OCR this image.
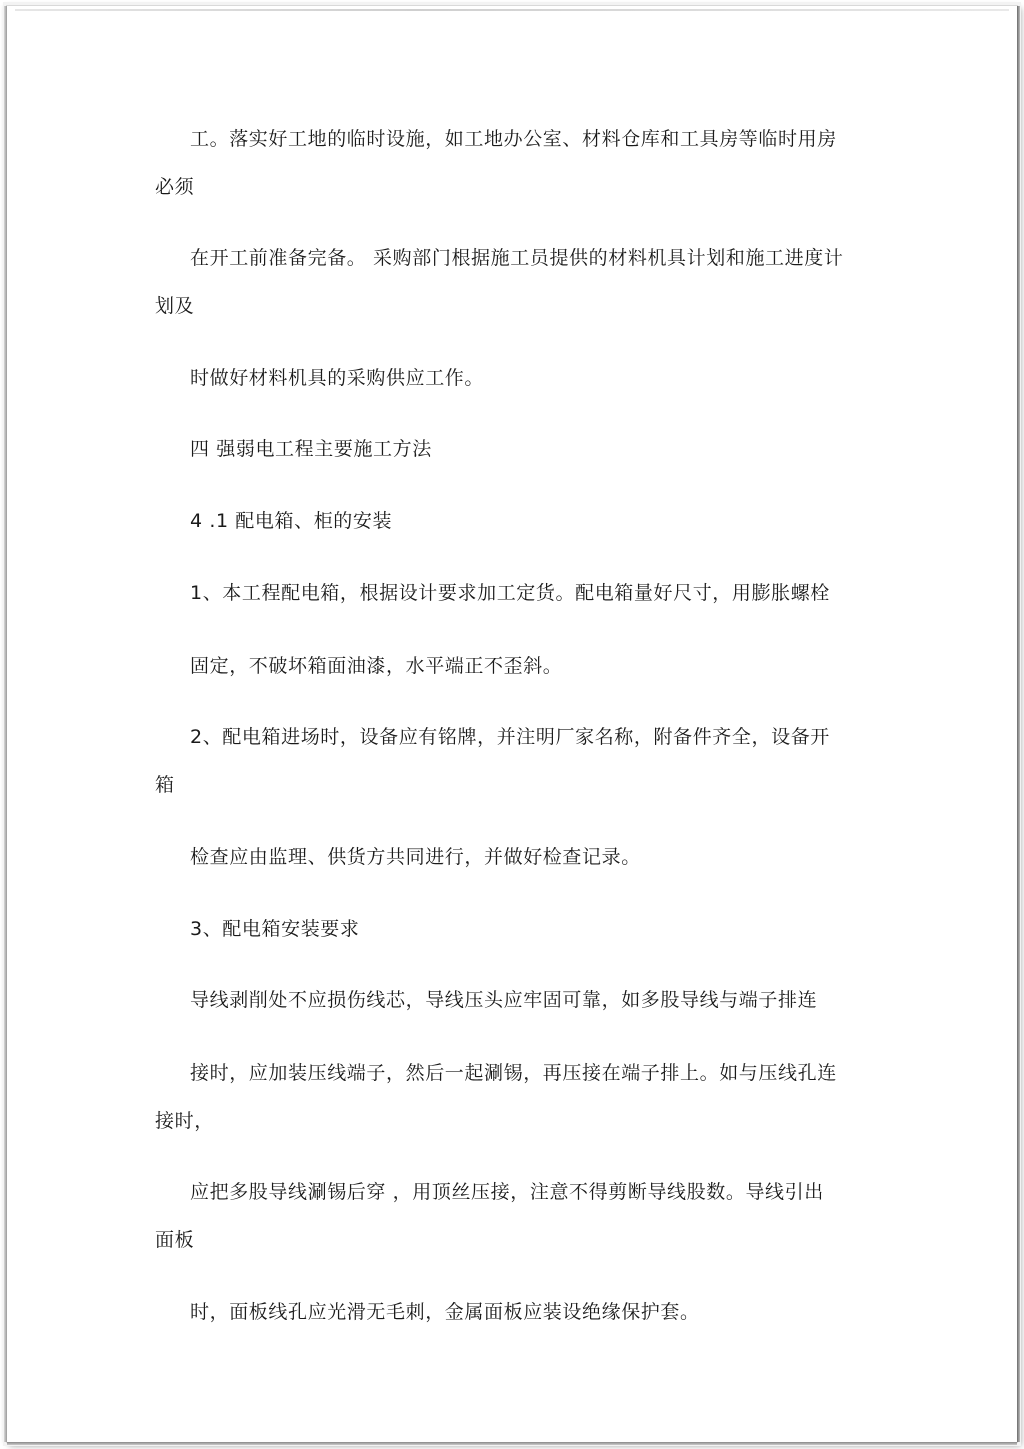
工。落实好工地的临时设施，如工地办公室、材料仓库和工具房等临时用房

必须

在开工前准备完备。 采购部门根据施工员提供的材料机具计划和施工进度计

划及

时做好材料机具的采购供应工作。

四 强弱电工程主要施工方法

4 .1 配电箱、柜的安装

1、本工程配电箱，根据设计要求加工定货。配电箱量好尺寸，用膨胀螺栓

固定，不破坏箱面油漆，水平端正不歪斜。

2、配电箱进场时，设备应有铭牌，并注明厂家名称，附备件齐全，设备开

箱

检查应由监理、供货方共同进行，并做好检查记录。

3、配电箱安装要求

导线剥削处不应损伤线芯，导线压头应牢固可靠，如多股导线与端子排连

接时，应加装压线端子，然后一起涮锡，再压接在端子排上。如与压线孔连

接时，

应把多股导线涮锡后穿 ，用顶丝压接，注意不得剪断导线股数。导线引出

面板

时，面板线孔应光滑无毛刺，金属面板应装设绝缘保护套。
